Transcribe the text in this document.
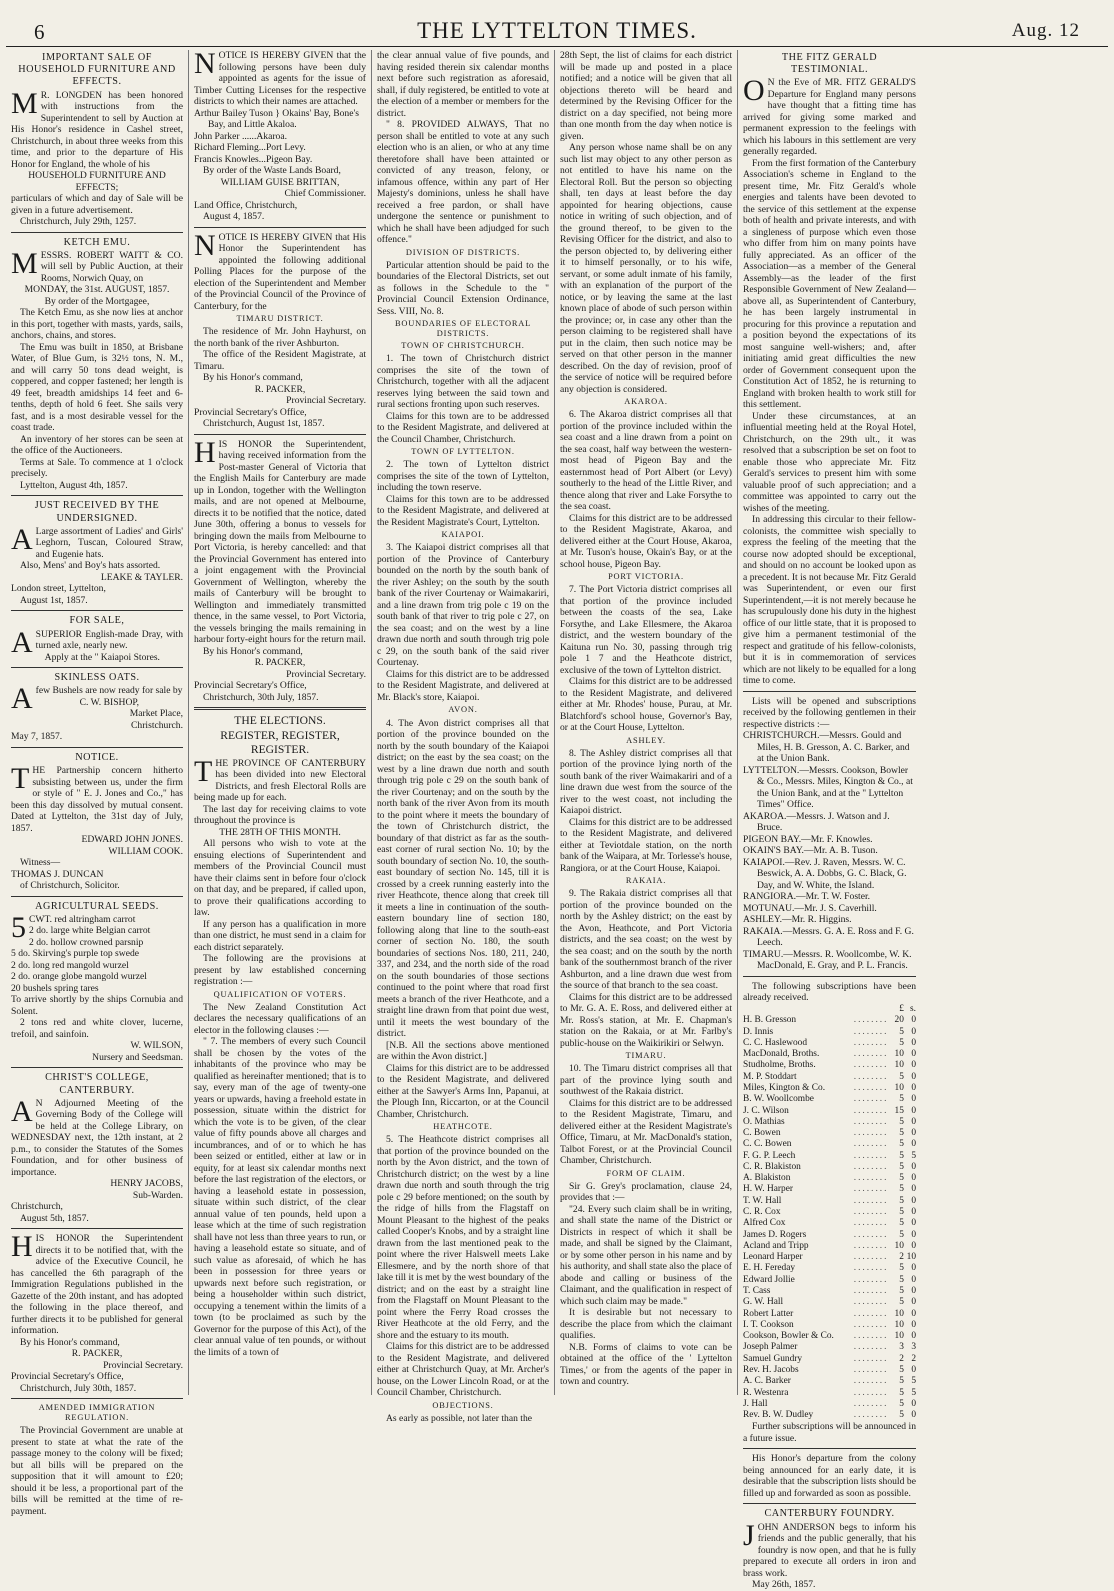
6	THE LYTTELTON TIMES.	Aug. 12
IMPORTANT SALE OF HOUSEHOLD FURNITURE AND EFFECTS.
M R. LONGDEN has been honored with instructions from the Superintendent to sell by Auction at His Honor's residence in Cashel street, Christchurch, in about three weeks from this time, and prior to the departure of His Honor for England, the whole of his

HOUSEHOLD FURNITURE AND EFFECTS;

particulars of which and day of Sale will be given in a future advertisement.

Christchurch, July 29th, 1257.

KETCH EMU.
M ESSRS. ROBERT WAITT & CO. will sell by Public Auction, at their Rooms, Norwich Quay, on

MONDAY, the 31st. AUGUST, 1857.
By order of the Mortgagee,

The Ketch Emu, as she now lies at anchor in this port, together with masts, yards, sails, anchors, chains, and stores.

The Emu was built in 1850, at Brisbane Water, of Blue Gum, is 32½ tons, N. M., and will carry 50 tons dead weight, is coppered, and copper fastened; her length is 49 feet, breadth amidships 14 feet and 6-tenths, depth of hold 6 feet. She sails very fast, and is a most desirable vessel for the coast trade.

An inventory of her stores can be seen at the office of the Auctioneers.

Terms at Sale. To commence at 1 o'clock precisely.

Lyttelton, August 4th, 1857.

JUST RECEIVED BY THE UNDERSIGNED.
A Large assortment of Ladies' and Girls' Leghorn, Tuscan, Coloured Straw, and Eugenie hats.

Also, Mens' and Boy's hats assorted.

LEAKE & TAYLER.

London street, Lyttelton,

August 1st, 1857.

FOR SALE,
A SUPERIOR English-made Dray, with turned axle, nearly new.

Apply at the " Kaiapoi Stores.

SKINLESS OATS.
A few Bushels are now ready for sale by

C. W. BISHOP,
Market Place,
Christchurch.

May 7, 1857.

NOTICE.
T HE Partnership concern hitherto subsisting between us, under the firm or style of " E. J. Jones and Co.," has been this day dissolved by mutual consent. Dated at Lyttelton, the 31st day of July, 1857.

EDWARD JOHN JONES.
WILLIAM COOK.

Witness—

THOMAS J. DUNCAN

of Christchurch, Solicitor.

AGRICULTURAL SEEDS.
5 CWT. red altringham carrot
2 do. large white Belgian carrot
2 do. hollow crowned parsnip
5 do. Skirving's purple top swede
2 do. long red mangold wurzel
2 do. orange globe mangold wurzel
20 bushels spring tares

To arrive shortly by the ships Cornubia and Solent.

2 tons red and white clover, lucerne, trefoil, and sainfoin.

W. WILSON,
Nursery and Seedsman.
CHRIST'S COLLEGE, CANTERBURY.
A N Adjourned Meeting of the Governing Body of the College will be held at the College Library, on WEDNESDAY next, the 12th instant, at 2 p.m., to consider the Statutes of the Somes Foundation, and for other business of importance.

HENRY JACOBS,
Sub-Warden.

Christchurch,

August 5th, 1857.

H IS HONOR the Superintendent directs it to be notified that, with the advice of the Executive Council, he has cancelled the 6th paragraph of the Immigration Regulations published in the Gazette of the 20th instant, and has adopted the following in the place thereof, and further directs it to be published for general information.

By his Honor's command,

R. PACKER,
Provincial Secretary.

Provincial Secretary's Office,

Christchurch, July 30th, 1857.

AMENDED IMMIGRATION REGULATION.

The Provincial Government are unable at present to state at what the rate of the passage money to the colony will be fixed; but all bills will be prepared on the supposition that it will amount to £20; should it be less, a proportional part of the bills will be remitted at the time of re-payment.

N OTICE IS HEREBY GIVEN that the following persons have been duly appointed as agents for the issue of Timber Cutting Licenses for the respective districts to which their names are attached.

Arthur Bailey Tuson } Okains' Bay, Bone's Bay, and Little Akaloa.
John Parker ......Akaroa.
Richard Fleming...Port Levy.
Francis Knowles...Pigeon Bay.

By order of the Waste Lands Board,

WILLIAM GUISE BRITTAN,
Chief Commissioner.

Land Office, Christchurch,

August 4, 1857.

N OTICE IS HEREBY GIVEN that His Honor the Superintendent has appointed the following additional Polling Places for the purpose of the election of the Superintendent and Member of the Provincial Council of the Province of Canterbury, for the

TIMARU DISTRICT.

The residence of Mr. John Hayhurst, on the north bank of the river Ashburton.

The office of the Resident Magistrate, at Timaru.

By his Honor's command,

R. PACKER,
Provincial Secretary.

Provincial Secretary's Office,

Christchurch, August 1st, 1857.

H IS HONOR the Superintendent, having received information from the Post-master General of Victoria that the English Mails for Canterbury are made up in London, together with the Wellington mails, and are not opened at Melbourne, directs it to be notified that the notice, dated June 30th, offering a bonus to vessels for bringing down the mails from Melbourne to Port Victoria, is hereby cancelled: and that the Provincial Government has entered into a joint engagement with the Provincial Government of Wellington, whereby the mails of Canterbury will be brought to Wellington and immediately transmitted thence, in the same vessel, to Port Victoria, the vessels bringing the mails remaining in harbour forty-eight hours for the return mail.

By his Honor's command,

R. PACKER,
Provincial Secretary.

Provincial Secretary's Office,

Christchurch, 30th July, 1857.

THE ELECTIONS.
REGISTER, REGISTER, REGISTER.
T HE PROVINCE OF CANTERBURY has been divided into new Electoral Districts, and fresh Electoral Rolls are being made up for each.

The last day for receiving claims to vote throughout the province is

THE 28TH OF THIS MONTH.

All persons who wish to vote at the ensuing elections of Superintendent and members of the Provincial Council must have their claims sent in before four o'clock on that day, and be prepared, if called upon, to prove their qualifications according to law.

If any person has a qualification in more than one district, he must send in a claim for each district separately.

The following are the provisions at present by law established concerning registration :—

QUALIFICATION OF VOTERS.

The New Zealand Constitution Act declares the necessary qualifications of an elector in the following clauses :—

" 7. The members of every such Council shall be chosen by the votes of the inhabitants of the province who may be qualified as hereinafter mentioned; that is to say, every man of the age of twenty-one years or upwards, having a freehold estate in possession, situate within the district for which the vote is to be given, of the clear value of fifty pounds above all charges and incumbrances, and of or to which he has been seized or entitled, either at law or in equity, for at least six calendar months next before the last registration of the electors, or having a leasehold estate in possession, situate within such district, of the clear annual value of ten pounds, held upon a lease which at the time of such registration shall have not less than three years to run, or having a leasehold estate so situate, and of such value as aforesaid, of which he has been in possession for three years or upwards next before such registration, or being a householder within such district, occupying a tenement within the limits of a town (to be proclaimed as such by the Governor for the purpose of this Act), of the clear annual value of ten pounds, or without the limits of a town of

the clear annual value of five pounds, and having resided therein six calendar months next before such registration as aforesaid, shall, if duly registered, be entitled to vote at the election of a member or members for the district.

" 8. PROVIDED ALWAYS, That no person shall be entitled to vote at any such election who is an alien, or who at any time theretofore shall have been attainted or convicted of any treason, felony, or infamous offence, within any part of Her Majesty's dominions, unless he shall have received a free pardon, or shall have undergone the sentence or punishment to which he shall have been adjudged for such offence."

DIVISION OF DISTRICTS.

Particular attention should be paid to the boundaries of the Electoral Districts, set out as follows in the Schedule to the " Provincial Council Extension Ordinance, Sess. VIII, No. 8.

BOUNDARIES OF ELECTORAL DISTRICTS.
TOWN OF CHRISTCHURCH.

1. The town of Christchurch district comprises the site of the town of Christchurch, together with all the adjacent reserves lying between the said town and rural sections fronting upon such reserves.

Claims for this town are to be addressed to the Resident Magistrate, and delivered at the Council Chamber, Christchurch.

TOWN OF LYTTELTON.

2. The town of Lyttelton district comprises the site of the town of Lyttelton, including the town reserve.

Claims for this town are to be addressed to the Resident Magistrate, and delivered at the Resident Magistrate's Court, Lyttelton.

KAIAPOI.

3. The Kaiapoi district comprises all that portion of the Province of Canterbury bounded on the north by the south bank of the river Ashley; on the south by the south bank of the river Courtenay or Waimakariri, and a line drawn from trig pole c 19 on the south bank of that river to trig pole c 27, on the sea coast; and on the west by a line drawn due north and south through trig pole c 29, on the south bank of the said river Courtenay.

Claims for this district are to be addressed to the Resident Magistrate, and delivered at Mr. Black's store, Kaiapoi.

AVON.

4. The Avon district comprises all that portion of the province bounded on the north by the south boundary of the Kaiapoi district; on the east by the sea coast; on the west by a line drawn due north and south through trig pole c 29 on the south bank of the river Courtenay; and on the south by the north bank of the river Avon from its mouth to the point where it meets the boundary of the town of Christchurch district, the boundary of that district as far as the south-east corner of rural section No. 10; by the south boundary of section No. 10, the south-east boundary of section No. 145, till it is crossed by a creek running easterly into the river Heathcote, thence along that creek till it meets a line in continuation of the south-eastern boundary line of section 180, following along that line to the south-east corner of section No. 180, the south boundaries of sections Nos. 180, 211, 240, 337, and 234, and the north side of the road on the south boundaries of those sections continued to the point where that road first meets a branch of the river Heathcote, and a straight line drawn from that point due west, until it meets the west boundary of the district.

[N.B. All the sections above mentioned are within the Avon district.]

Claims for this district are to be addressed to the Resident Magistrate, and delivered either at the Sawyer's Arms Inn, Papanui, at the Plough Inn, Riccarton, or at the Council Chamber, Christchurch.

HEATHCOTE.

5. The Heathcote district comprises all that portion of the province bounded on the north by the Avon district, and the town of Christchurch district; on the west by a line drawn due north and south through the trig pole c 29 before mentioned; on the south by the ridge of hills from the Flagstaff on Mount Pleasant to the highest of the peaks called Cooper's Knobs, and by a straight line drawn from the last mentioned peak to the point where the river Halswell meets Lake Ellesmere, and by the north shore of that lake till it is met by the west boundary of the district; and on the east by a straight line from the Flagstaff on Mount Pleasant to the point where the Ferry Road crosses the River Heathcote at the old Ferry, and the shore and the estuary to its mouth.

Claims for this district are to be addressed to the Resident Magistrate, and delivered either at Christchurch Quay, at Mr. Archer's house, on the Lower Lincoln Road, or at the Council Chamber, Christchurch.

OBJECTIONS.

As early as possible, not later than the

28th Sept, the list of claims for each district will be made up and posted in a place notified; and a notice will be given that all objections thereto will be heard and determined by the Revising Officer for the district on a day specified, not being more than one month from the day when notice is given.

Any person whose name shall be on any such list may object to any other person as not entitled to have his name on the Electoral Roll. But the person so objecting shall, ten days at least before the day appointed for hearing objections, cause notice in writing of such objection, and of the ground thereof, to be given to the Revising Officer for the district, and also to the person objected to, by delivering either it to himself personally, or to his wife, servant, or some adult inmate of his family, with an explanation of the purport of the notice, or by leaving the same at the last known place of abode of such person within the province; or, in case any other than the person claiming to be registered shall have put in the claim, then such notice may be served on that other person in the manner described. On the day of revision, proof of the service of notice will be required before any objection is considered.

AKAROA.

6. The Akaroa district comprises all that portion of the province included within the sea coast and a line drawn from a point on the sea coast, half way between the western-most head of Pigeon Bay and the easternmost head of Port Albert (or Levy) southerly to the head of the Little River, and thence along that river and Lake Forsythe to the sea coast.

Claims for this district are to be addressed to the Resident Magistrate, Akaroa, and delivered either at the Court House, Akaroa, at Mr. Tuson's house, Okain's Bay, or at the school house, Pigeon Bay.

PORT VICTORIA.

7. The Port Victoria district comprises all that portion of the province included between the coasts of the sea, Lake Forsythe, and Lake Ellesmere, the Akaroa district, and the western boundary of the Kaituna run No. 30, passing through trig pole 1 7 and the Heathcote district, exclusive of the town of Lyttelton district.

Claims for this district are to be addressed to the Resident Magistrate, and delivered either at Mr. Rhodes' house, Purau, at Mr. Blatchford's school house, Governor's Bay, or at the Court House, Lyttelton.

ASHLEY.

8. The Ashley district comprises all that portion of the province lying north of the south bank of the river Waimakariri and of a line drawn due west from the source of the river to the west coast, not including the Kaiapoi district.

Claims for this district are to be addressed to the Resident Magistrate, and delivered either at Teviotdale station, on the north bank of the Waipara, at Mr. Torlesse's house, Rangiora, or at the Court House, Kaiapoi.

RAKAIA.

9. The Rakaia district comprises all that portion of the province bounded on the north by the Ashley district; on the east by the Avon, Heathcote, and Port Victoria districts, and the sea coast; on the west by the sea coast; and on the south by the north bank of the southernmost branch of the river Ashburton, and a line drawn due west from the source of that branch to the sea coast.

Claims for this district are to be addressed to Mr. G. A. E. Ross, and delivered either at Mr. Ross's station, at Mr. E. Chapman's station on the Rakaia, or at Mr. Farlby's public-house on the Waikirikiri or Selwyn.

TIMARU.

10. The Timaru district comprises all that part of the province lying south and southwest of the Rakaia district.

Claims for this district are to be addressed to the Resident Magistrate, Timaru, and delivered either at the Resident Magistrate's Office, Timaru, at Mr. MacDonald's station, Talbot Forest, or at the Provincial Council Chamber, Christchurch.

FORM OF CLAIM.

Sir G. Grey's proclamation, clause 24, provides that :—

"24. Every such claim shall be in writing, and shall state the name of the District or Districts in respect of which it shall be made, and shall be signed by the Claimant, or by some other person in his name and by his authority, and shall state also the place of abode and calling or business of the Claimant, and the qualification in respect of which such claim may be made."

It is desirable but not necessary to describe the place from which the claimant qualifies.

N.B. Forms of claims to vote can be obtained at the office of the ' Lyttelton Times,' or from the agents of the paper in town and country.

THE FITZ GERALD TESTIMONIAL.
O N the Eve of MR. FITZ GERALD'S Departure for England many persons have thought that a fitting time has arrived for giving some marked and permanent expression to the feelings with which his labours in this settlement are very generally regarded.

From the first formation of the Canterbury Association's scheme in England to the present time, Mr. Fitz Gerald's whole energies and talents have been devoted to the service of this settlement at the expense both of health and private interests, and with a singleness of purpose which even those who differ from him on many points have fully appreciated. As an officer of the Association—as a member of the General Assembly—as the leader of the first Responsible Government of New Zealand—above all, as Superintendent of Canterbury, he has been largely instrumental in procuring for this province a reputation and a position beyond the expectations of its most sanguine well-wishers; and, after initiating amid great difficulties the new order of Government consequent upon the Constitution Act of 1852, he is returning to England with broken health to work still for this settlement.

Under these circumstances, at an influential meeting held at the Royal Hotel, Christchurch, on the 29th ult., it was resolved that a subscription be set on foot to enable those who appreciate Mr. Fitz Gerald's services to present him with some valuable proof of such appreciation; and a committee was appointed to carry out the wishes of the meeting.

In addressing this circular to their fellow-colonists, the committee wish specially to express the feeling of the meeting that the course now adopted should be exceptional, and should on no account be looked upon as a precedent. It is not because Mr. Fitz Gerald was Superintendent, or even our first Superintendent,—it is not merely because he has scrupulously done his duty in the highest office of our little state, that it is proposed to give him a permanent testimonial of the respect and gratitude of his fellow-colonists, but it is in commemoration of services which are not likely to be equalled for a long time to come.

Lists will be opened and subscriptions received by the following gentlemen in their respective districts :—

CHRISTCHURCH.—Messrs. Gould and Miles, H. B. Gresson, A. C. Barker, and at the Union Bank.
LYTTELTON.—Messrs. Cookson, Bowler & Co., Messrs. Miles, Kington & Co., at the Union Bank, and at the " Lyttelton Times" Office.
AKAROA.—Messrs. J. Watson and J. Bruce.
PIGEON BAY.—Mr. F. Knowles.
OKAIN'S BAY.—Mr. A. B. Tuson.
KAIAPOI.—Rev. J. Raven, Messrs. W. C. Beswick, A. A. Dobbs, G. C. Black, G. Day, and W. White, the Island.
RANGIORA.—Mr. T. W. Foster.
MOTUNAU.—Mr. J. S. Caverhill.
ASHLEY.—Mr. R. Higgins.
RAKAIA.—Messrs. G. A. E. Ross and F. G. Leech.
TIMARU.—Messrs. R. Woollcombe, W. K. MacDonald, E. Gray, and P. L. Francis.

The following subscriptions have been already received.

		£	s.
H. B. Gresson	........	20	0
D. Innis	........	5	0
C. C. Haslewood	........	5	0
MacDonald, Broths.	........	10	0
Studholme, Broths.	........	10	0
M. P. Stoddart	........	5	0
Miles, Kington & Co.	........	10	0
B. W. Woollcombe	........	5	0
J. C. Wilson	........	15	0
O. Mathias	........	5	0
C. Bowen	........	5	0
C. C. Bowen	........	5	0
F. G. P. Leech	........	5	5
C. R. Blakiston	........	5	0
A. Blakiston	........	5	0
H. W. Harper	........	5	0
T. W. Hall	........	5	0
C. R. Cox	........	5	0
Alfred Cox	........	5	0
James D. Rogers	........	5	0
Acland and Tripp	........	10	0
Leonard Harper	........	2	10
E. H. Fereday	........	5	0
Edward Jollie	........	5	0
T. Cass	........	5	0
G. W. Hall	........	5	0
Robert Latter	........	10	0
I. T. Cookson	........	10	0
Cookson, Bowler & Co.	........	10	0
Joseph Palmer	........	3	3
Samuel Gundry	........	2	2
Rev. H. Jacobs	........	5	0
A. C. Barker	........	5	5
R. Westenra	........	5	5
J. Hall	........	5	0
Rev. B. W. Dudley	........	5	0

Further subscriptions will be announced in a future issue.

His Honor's departure from the colony being announced for an early date, it is desirable that the subscription lists should be filled up and forwarded as soon as possible.

CANTERBURY FOUNDRY.
J OHN ANDERSON begs to inform his friends and the public generally, that his foundry is now open, and that he is fully prepared to execute all orders in iron and brass work.

May 26th, 1857.
